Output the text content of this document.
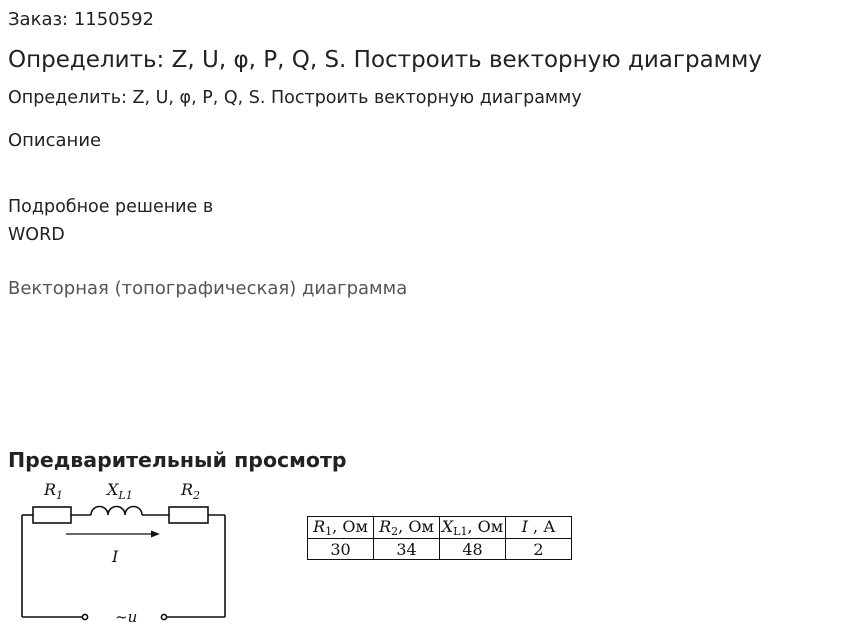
Заказ: 1150592
Определить: Z, U, φ, P, Q, S. Построить векторную диаграмму
Определить: Z, U, φ, P, Q, S. Построить векторную диаграмму
Описание
Подробное решение в WORD
Векторная (топографическая) диаграмма
Предварительный просмотр
$R_1$	$X_{L1}$	$R_2$
I
~u
$R_1$, Ом	$R_2$, Ом	$X_{L1}$, Ом	I , А
30	34	48	2
